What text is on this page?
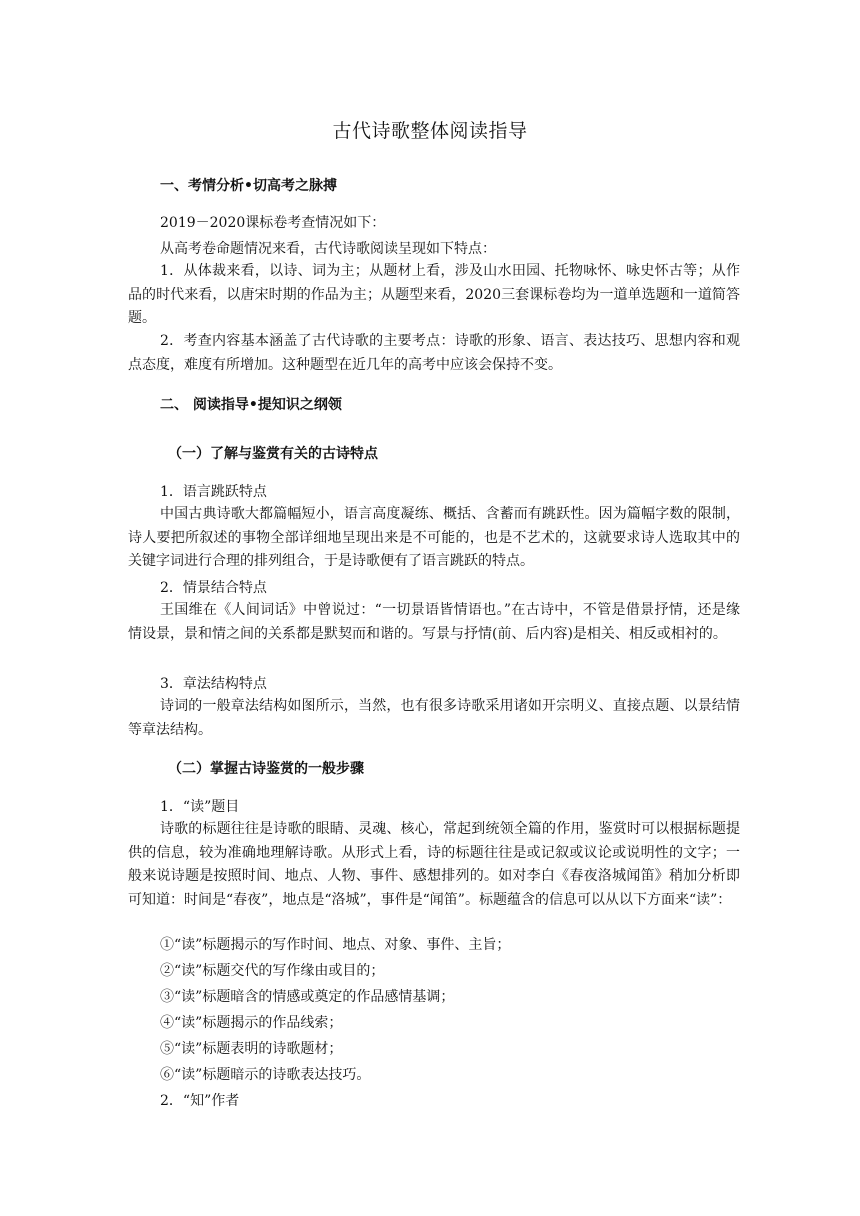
古代诗歌整体阅读指导
一、考情分析•切高考之脉搏
2019－2020课标卷考查情况如下：
从高考卷命题情况来看，古代诗歌阅读呈现如下特点：
1．从体裁来看，以诗、词为主；从题材上看，涉及山水田园、托物咏怀、咏史怀古等；从作品的时代来看，以唐宋时期的作品为主；从题型来看，2020三套课标卷均为一道单选题和一道简答题。
2．考查内容基本涵盖了古代诗歌的主要考点：诗歌的形象、语言、表达技巧、思想内容和观点态度，难度有所增加。这种题型在近几年的高考中应该会保持不变。
二、 阅读指导•提知识之纲领
（一）了解与鉴赏有关的古诗特点
1．语言跳跃特点
中国古典诗歌大都篇幅短小，语言高度凝练、概括、含蓄而有跳跃性。因为篇幅字数的限制，诗人要把所叙述的事物全部详细地呈现出来是不可能的，也是不艺术的，这就要求诗人选取其中的关键字词进行合理的排列组合，于是诗歌便有了语言跳跃的特点。
2．情景结合特点
王国维在《人间词话》中曾说过：“一切景语皆情语也。”在古诗中，不管是借景抒情，还是缘情设景，景和情之间的关系都是默契而和谐的。写景与抒情(前、后内容)是相关、相反或相衬的。
3．章法结构特点
诗词的一般章法结构如图所示，当然，也有很多诗歌采用诸如开宗明义、直接点题、以景结情等章法结构。
（二）掌握古诗鉴赏的一般步骤
1．“读”题目
诗歌的标题往往是诗歌的眼睛、灵魂、核心，常起到统领全篇的作用，鉴赏时可以根据标题提供的信息，较为准确地理解诗歌。从形式上看，诗的标题往往是或记叙或议论或说明性的文字；一般来说诗题是按照时间、地点、人物、事件、感想排列的。如对李白《春夜洛城闻笛》稍加分析即可知道：时间是“春夜”，地点是“洛城”，事件是“闻笛”。标题蕴含的信息可以从以下方面来“读”：
①“读”标题揭示的写作时间、地点、对象、事件、主旨；
②“读”标题交代的写作缘由或目的；
③“读”标题暗含的情感或奠定的作品感情基调；
④“读”标题揭示的作品线索；
⑤“读”标题表明的诗歌题材；
⑥“读”标题暗示的诗歌表达技巧。
2．“知”作者
